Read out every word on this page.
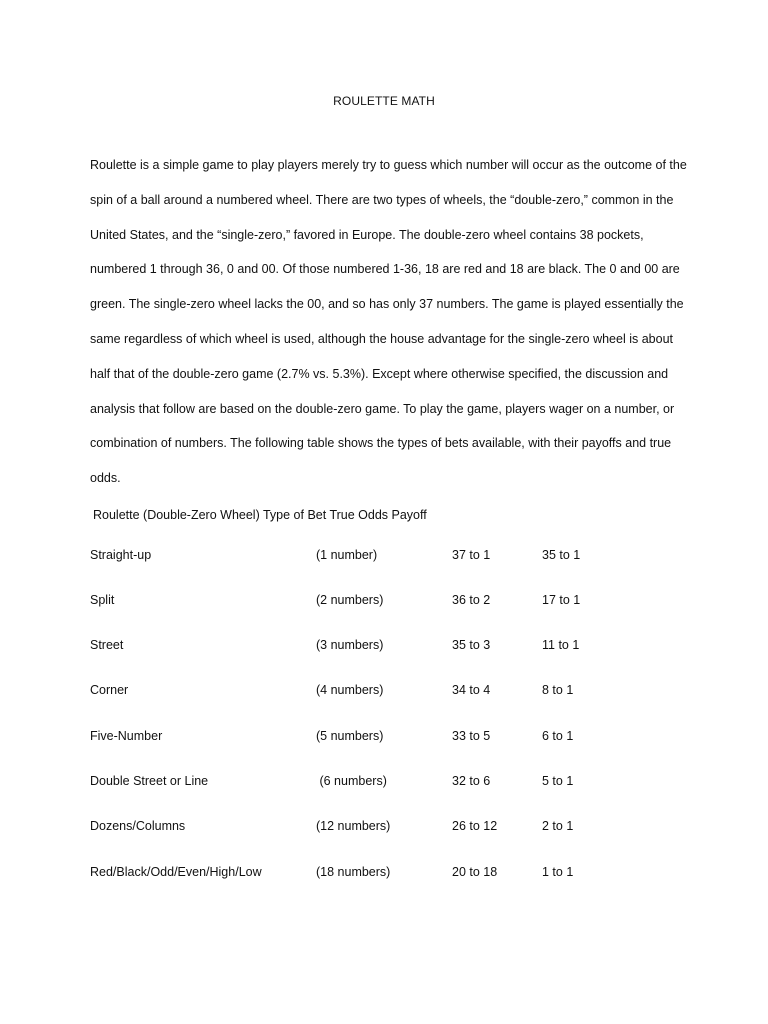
ROULETTE MATH

Roulette is a simple game to play players merely try to guess which number will occur as the outcome of the spin of a ball around a numbered wheel. There are two types of wheels, the “double-zero,” common in the United States, and the “single-zero,” favored in Europe. The double-zero wheel contains 38 pockets, numbered 1 through 36, 0 and 00. Of those numbered 1-36, 18 are red and 18 are black. The 0 and 00 are green. The single-zero wheel lacks the 00, and so has only 37 numbers. The game is played essentially the same regardless of which wheel is used, although the house advantage for the single-zero wheel is about half that of the double-zero game (2.7% vs. 5.3%). Except where otherwise specified, the discussion and analysis that follow are based on the double-zero game. To play the game, players wager on a number, or combination of numbers. The following table shows the types of bets available, with their payoffs and true odds.

Roulette (Double-Zero Wheel) Type of Bet True Odds Payoff
Straight-up	(1 number)	37 to 1	35 to 1
Split	(2 numbers)	36 to 2	17 to 1
Street	(3 numbers)	35 to 3	11 to 1
Corner	(4 numbers)	34 to 4	8 to 1
Five-Number	(5 numbers)	33 to 5	6 to 1
Double Street or Line	(6 numbers)	32 to 6	5 to 1
Dozens/Columns	(12 numbers)	26 to 12	2 to 1
Red/Black/Odd/Even/High/Low	(18 numbers)	20 to 18	1 to 1
